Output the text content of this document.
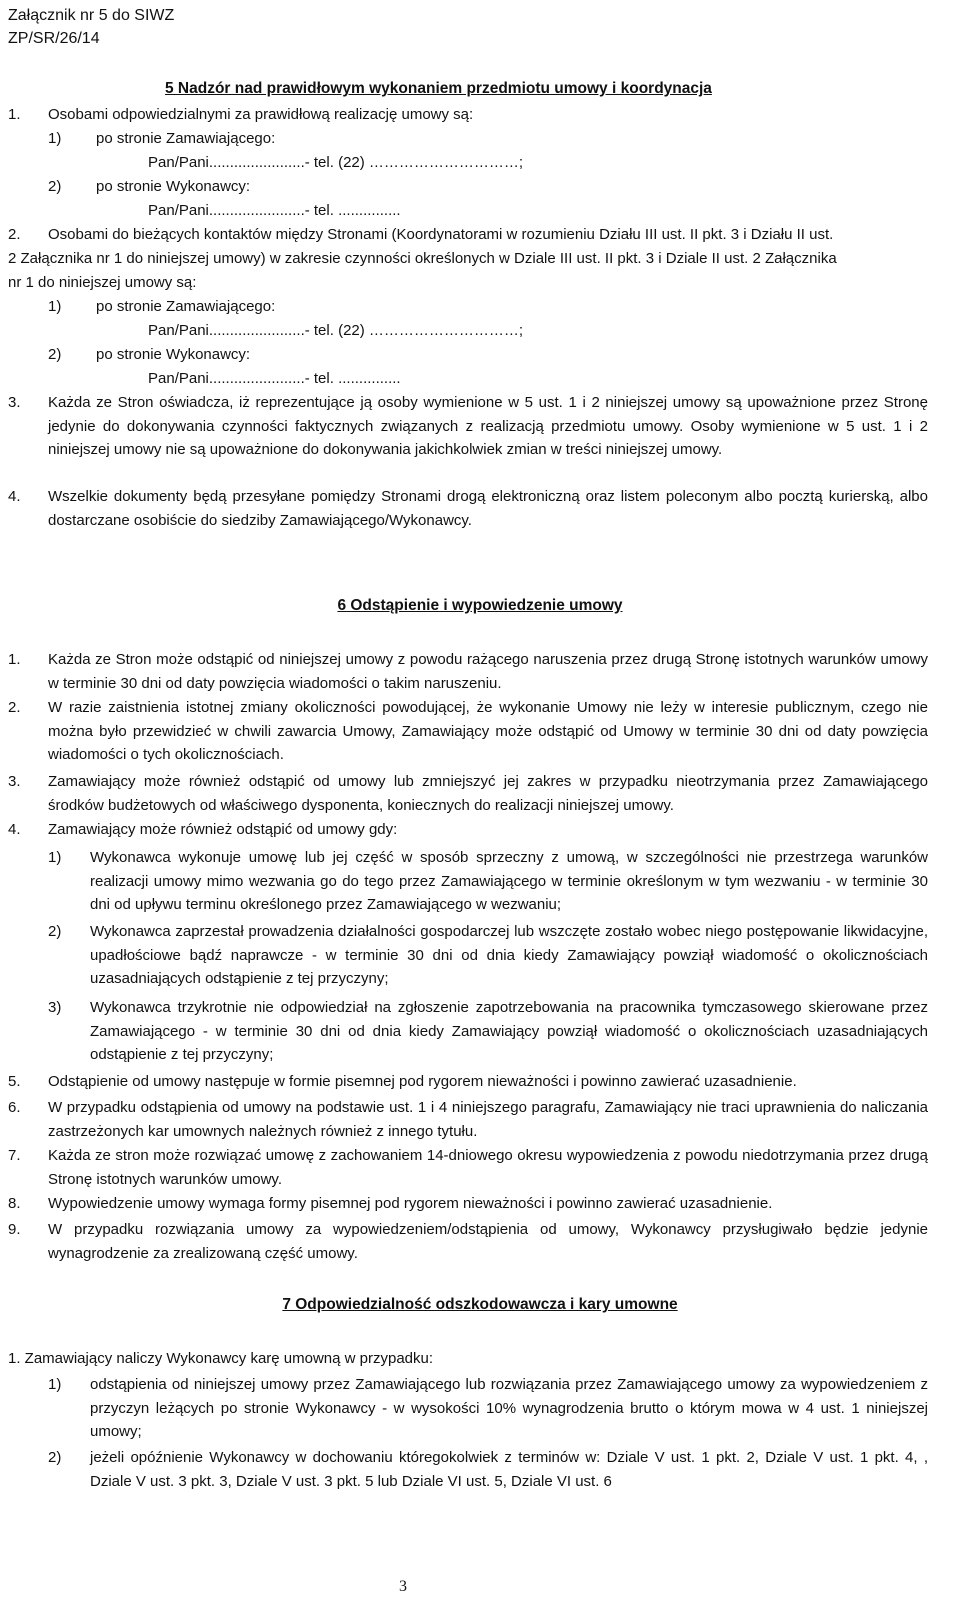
Załącznik nr 5 do SIWZ
ZP/SR/26/14
5 Nadzór nad prawidłowym wykonaniem przedmiotu umowy i koordynacja
1. Osobami odpowiedzialnymi za prawidłową realizację umowy są:
1) po stronie Zamawiającego:
Pan/Pani.......................- tel. (22) …………………………;
2) po stronie Wykonawcy:
Pan/Pani.......................- tel. ...............
2. Osobami do bieżących kontaktów między Stronami (Koordynatorami w rozumieniu Działu III ust. II pkt. 3 i Działu II ust.
2 Załącznika nr 1 do niniejszej umowy) w zakresie czynności określonych w Dziale III ust. II pkt. 3 i Dziale II ust. 2 Załącznika
nr 1 do niniejszej umowy są:
1) po stronie Zamawiającego:
Pan/Pani.......................- tel. (22) …………………………;
2) po stronie Wykonawcy:
Pan/Pani.......................- tel. ...............
3. Każda ze Stron oświadcza, iż reprezentujące ją osoby wymienione w 5 ust. 1 i 2 niniejszej umowy są upoważnione przez Stronę jedynie do dokonywania czynności faktycznych związanych z realizacją przedmiotu umowy. Osoby wymienione w 5 ust. 1 i 2 niniejszej umowy nie są upoważnione do dokonywania jakichkolwiek zmian w treści niniejszej umowy.
4. Wszelkie dokumenty będą przesyłane pomiędzy Stronami drogą elektroniczną oraz listem poleconym albo pocztą kurierską, albo dostarczane osobiście do siedziby Zamawiającego/Wykonawcy.
6 Odstąpienie i wypowiedzenie umowy
1. Każda ze Stron może odstąpić od niniejszej umowy z powodu rażącego naruszenia przez drugą Stronę istotnych warunków umowy w terminie 30 dni od daty powzięcia wiadomości o takim naruszeniu.
2. W razie zaistnienia istotnej zmiany okoliczności powodującej, że wykonanie Umowy nie leży w interesie publicznym, czego nie można było przewidzieć w chwili zawarcia Umowy, Zamawiający może odstąpić od Umowy w terminie 30 dni od daty powzięcia wiadomości o tych okolicznościach.
3. Zamawiający może również odstąpić od umowy lub zmniejszyć jej zakres w przypadku nieotrzymania przez Zamawiającego środków budżetowych od właściwego dysponenta, koniecznych do realizacji niniejszej umowy.
4. Zamawiający może również odstąpić od umowy gdy:
1) Wykonawca wykonuje umowę lub jej część w sposób sprzeczny z umową, w szczególności nie przestrzega warunków realizacji umowy mimo wezwania go do tego przez Zamawiającego w terminie określonym w tym wezwaniu - w terminie 30 dni od upływu terminu określonego przez Zamawiającego w wezwaniu;
2) Wykonawca zaprzestał prowadzenia działalności gospodarczej lub wszczęte zostało wobec niego postępowanie likwidacyjne, upadłościowe bądź naprawcze - w terminie 30 dni od dnia kiedy Zamawiający powziął wiadomość o okolicznościach uzasadniających odstąpienie z tej przyczyny;
3) Wykonawca trzykrotnie nie odpowiedział na zgłoszenie zapotrzebowania na pracownika tymczasowego skierowane przez Zamawiającego - w terminie 30 dni od dnia kiedy Zamawiający powziął wiadomość o okolicznościach uzasadniających odstąpienie z tej przyczyny;
5. Odstąpienie od umowy następuje w formie pisemnej pod rygorem nieważności i powinno zawierać uzasadnienie.
6. W przypadku odstąpienia od umowy na podstawie ust. 1 i 4 niniejszego paragrafu, Zamawiający nie traci uprawnienia do naliczania zastrzeżonych kar umownych należnych również z innego tytułu.
7. Każda ze stron może rozwiązać umowę z zachowaniem 14-dniowego okresu wypowiedzenia z powodu niedotrzymania przez drugą Stronę istotnych warunków umowy.
8. Wypowiedzenie umowy wymaga formy pisemnej pod rygorem nieważności i powinno zawierać uzasadnienie.
9. W przypadku rozwiązania umowy za wypowiedzeniem/odstąpienia od umowy, Wykonawcy przysługiwało będzie jedynie wynagrodzenie za zrealizowaną część umowy.
7 Odpowiedzialność odszkodowawcza i kary umowne
1. Zamawiający naliczy Wykonawcy karę umowną w przypadku:
1) odstąpienia od niniejszej umowy przez Zamawiającego lub rozwiązania przez Zamawiającego umowy za wypowiedzeniem z przyczyn leżących po stronie Wykonawcy - w wysokości 10% wynagrodzenia brutto o którym mowa w 4 ust. 1 niniejszej umowy;
2) jeżeli opóźnienie Wykonawcy w dochowaniu któregokolwiek z terminów w: Dziale V ust. 1 pkt. 2, Dziale V ust. 1 pkt. 4, , Dziale V ust. 3 pkt. 3, Dziale V ust. 3 pkt. 5 lub Dziale VI ust. 5, Dziale VI ust. 6
3
